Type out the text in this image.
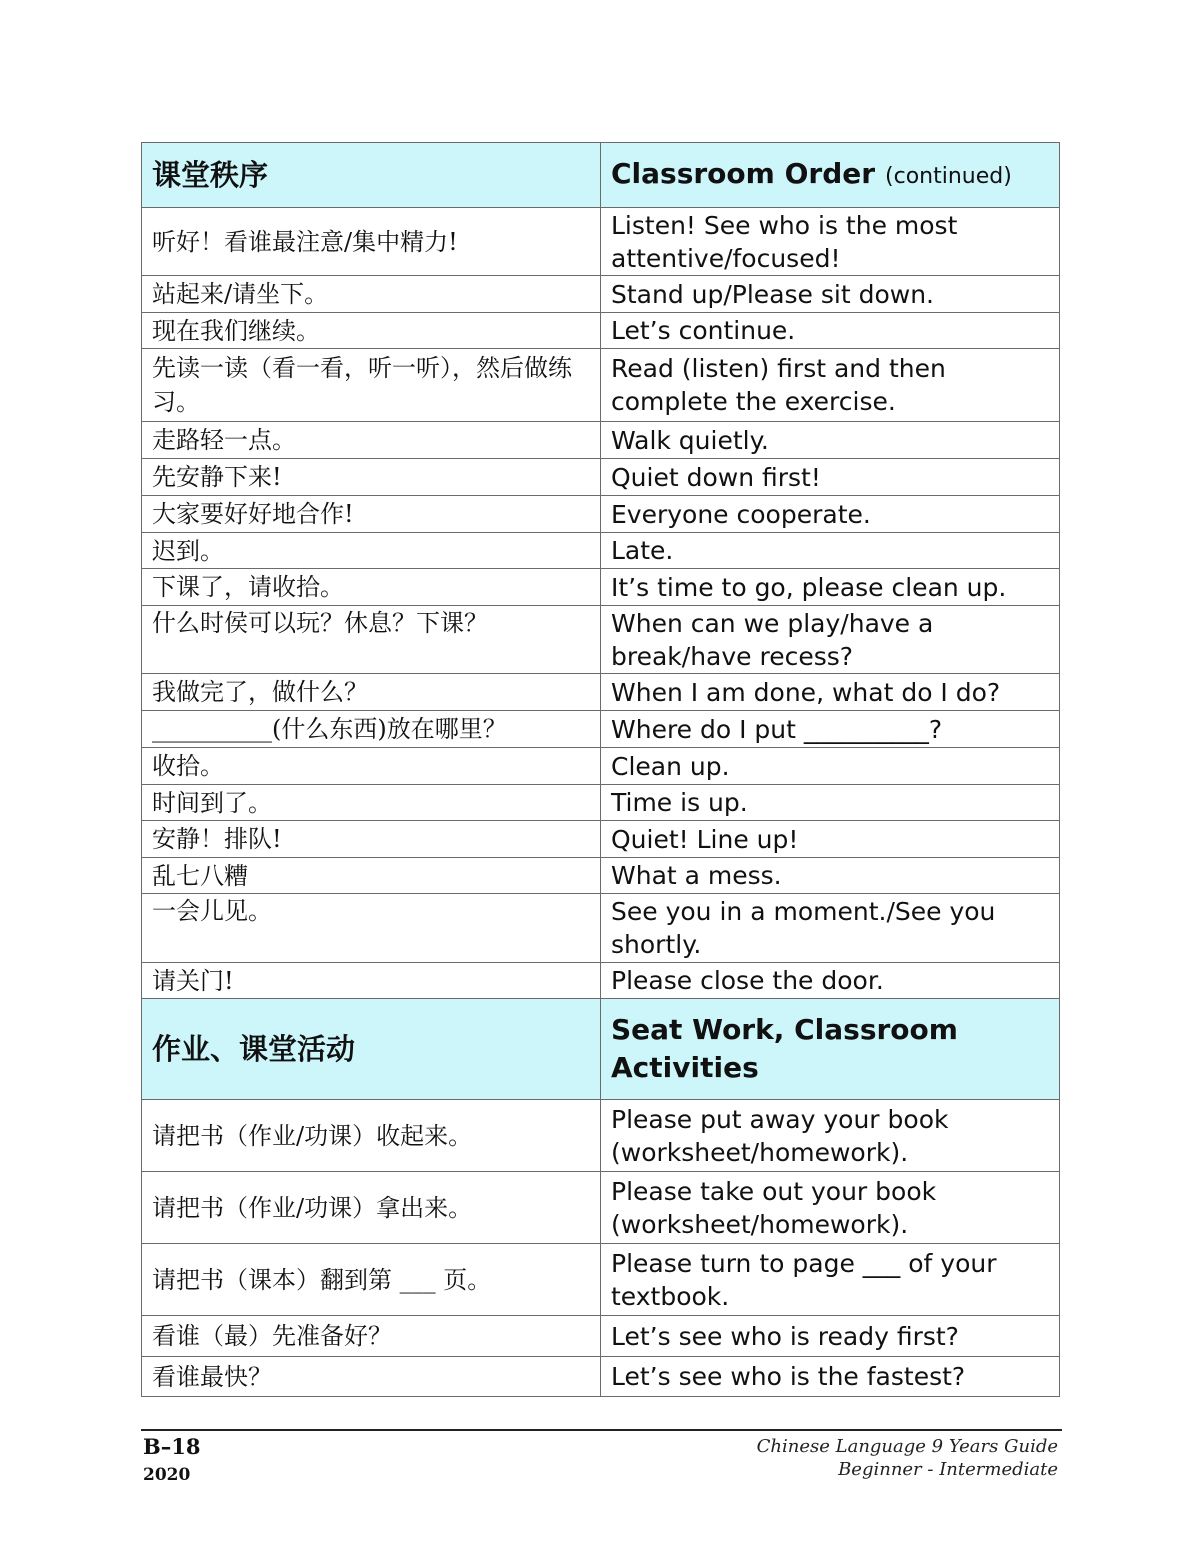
课堂秩序	Classroom Order (continued)
听好！看谁最注意/集中精力!	Listen! See who is the most attentive/focused!
站起来/请坐下。	Stand up/Please sit down.
现在我们继续。	Let’s continue.
先读一读（看一看，听一听），然后做练习。	Read (listen) first and then complete the exercise.
走路轻一点。	Walk quietly.
先安静下来!	Quiet down first!
大家要好好地合作!	Everyone cooperate.
迟到。	Late.
下课了，请收拾。	It’s time to go, please clean up.
什么时侯可以玩？休息？下课？	When can we play/have a break/have recess?
我做完了，做什么？	When I am done, what do I do?
__________(什么东西)放在哪里？	Where do I put __________?
收拾。	Clean up.
时间到了。	Time is up.
安静！排队!	Quiet! Line up!
乱七八糟	What a mess.
一会儿见。	See you in a moment./See you shortly.
请关门!	Please close the door.
作业、课堂活动	Seat Work, Classroom Activities
请把书（作业/功课）收起来。	Please put away your book (worksheet/homework).
请把书（作业/功课）拿出来。	Please take out your book (worksheet/homework).
请把书（课本）翻到第 ___ 页。	Please turn to page ___ of your textbook.
看谁（最）先准备好？	Let’s see who is ready first?
看谁最快？	Let’s see who is the fastest?
B–18
2020
Chinese Language 9 Years Guide
Beginner - Intermediate
